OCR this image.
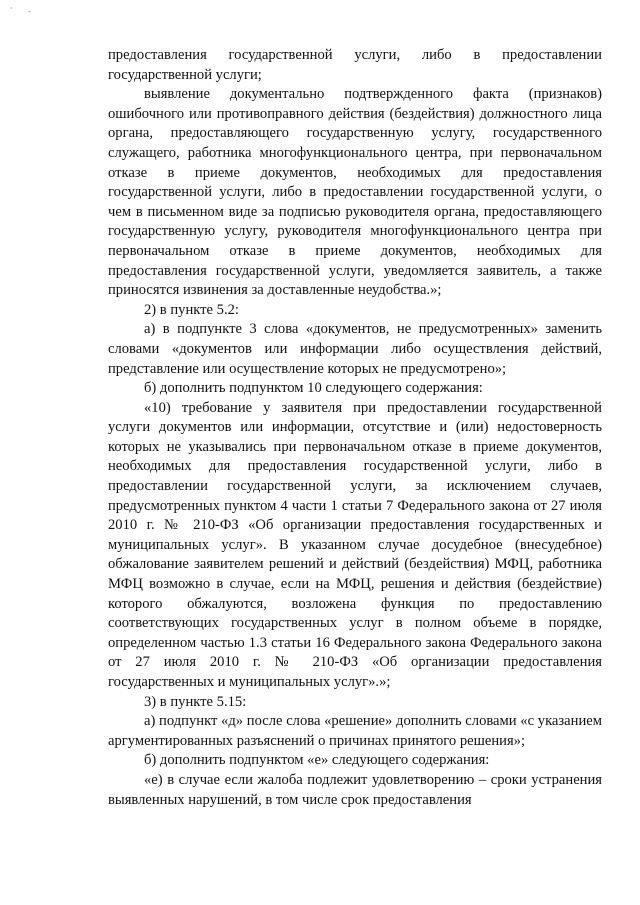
· -

предоставления государственной услуги, либо в предоставлении государственной услуги;

выявление документально подтвержденного факта (признаков) ошибочного или противоправного действия (бездействия) должностного лица органа, предоставляющего государственную услугу, государственного служащего, работника многофункционального центра, при первоначальном отказе в приеме документов, необходимых для предоставления государственной услуги, либо в предоставлении государственной услуги, о чем в письменном виде за подписью руководителя органа, предоставляющего государственную услугу, руководителя многофункционального центра при первоначальном отказе в приеме документов, необходимых для предоставления государственной услуги, уведомляется заявитель, а также приносятся извинения за доставленные неудобства.»;

2) в пункте 5.2:

а) в подпункте 3 слова «документов, не предусмотренных» заменить словами «документов или информации либо осуществления действий, представление или осуществление которых не предусмотрено»;

б) дополнить подпунктом 10 следующего содержания:

«10) требование у заявителя при предоставлении государственной услуги документов или информации, отсутствие и (или) недостоверность которых не указывались при первоначальном отказе в приеме документов, необходимых для предоставления государственной услуги, либо в предоставлении государственной услуги, за исключением случаев, предусмотренных пунктом 4 части 1 статьи 7 Федерального закона от 27 июля 2010 г. № 210-ФЗ «Об организации предоставления государственных и муниципальных услуг». В указанном случае досудебное (внесудебное) обжалование заявителем решений и действий (бездействия) МФЦ, работника МФЦ возможно в случае, если на МФЦ, решения и действия (бездействие) которого обжалуются, возложена функция по предоставлению соответствующих государственных услуг в полном объеме в порядке, определенном частью 1.3 статьи 16 Федерального закона Федерального закона от 27 июля 2010 г. № 210-ФЗ «Об организации предоставления государственных и муниципальных услуг».»;

3) в пункте 5.15:

а) подпункт «д» после слова «решение» дополнить словами «с указанием аргументированных разъяснений о причинах принятого решения»;

б) дополнить подпунктом «е» следующего содержания:

«е) в случае если жалоба подлежит удовлетворению – сроки устранения выявленных нарушений, в том числе срок предоставления
